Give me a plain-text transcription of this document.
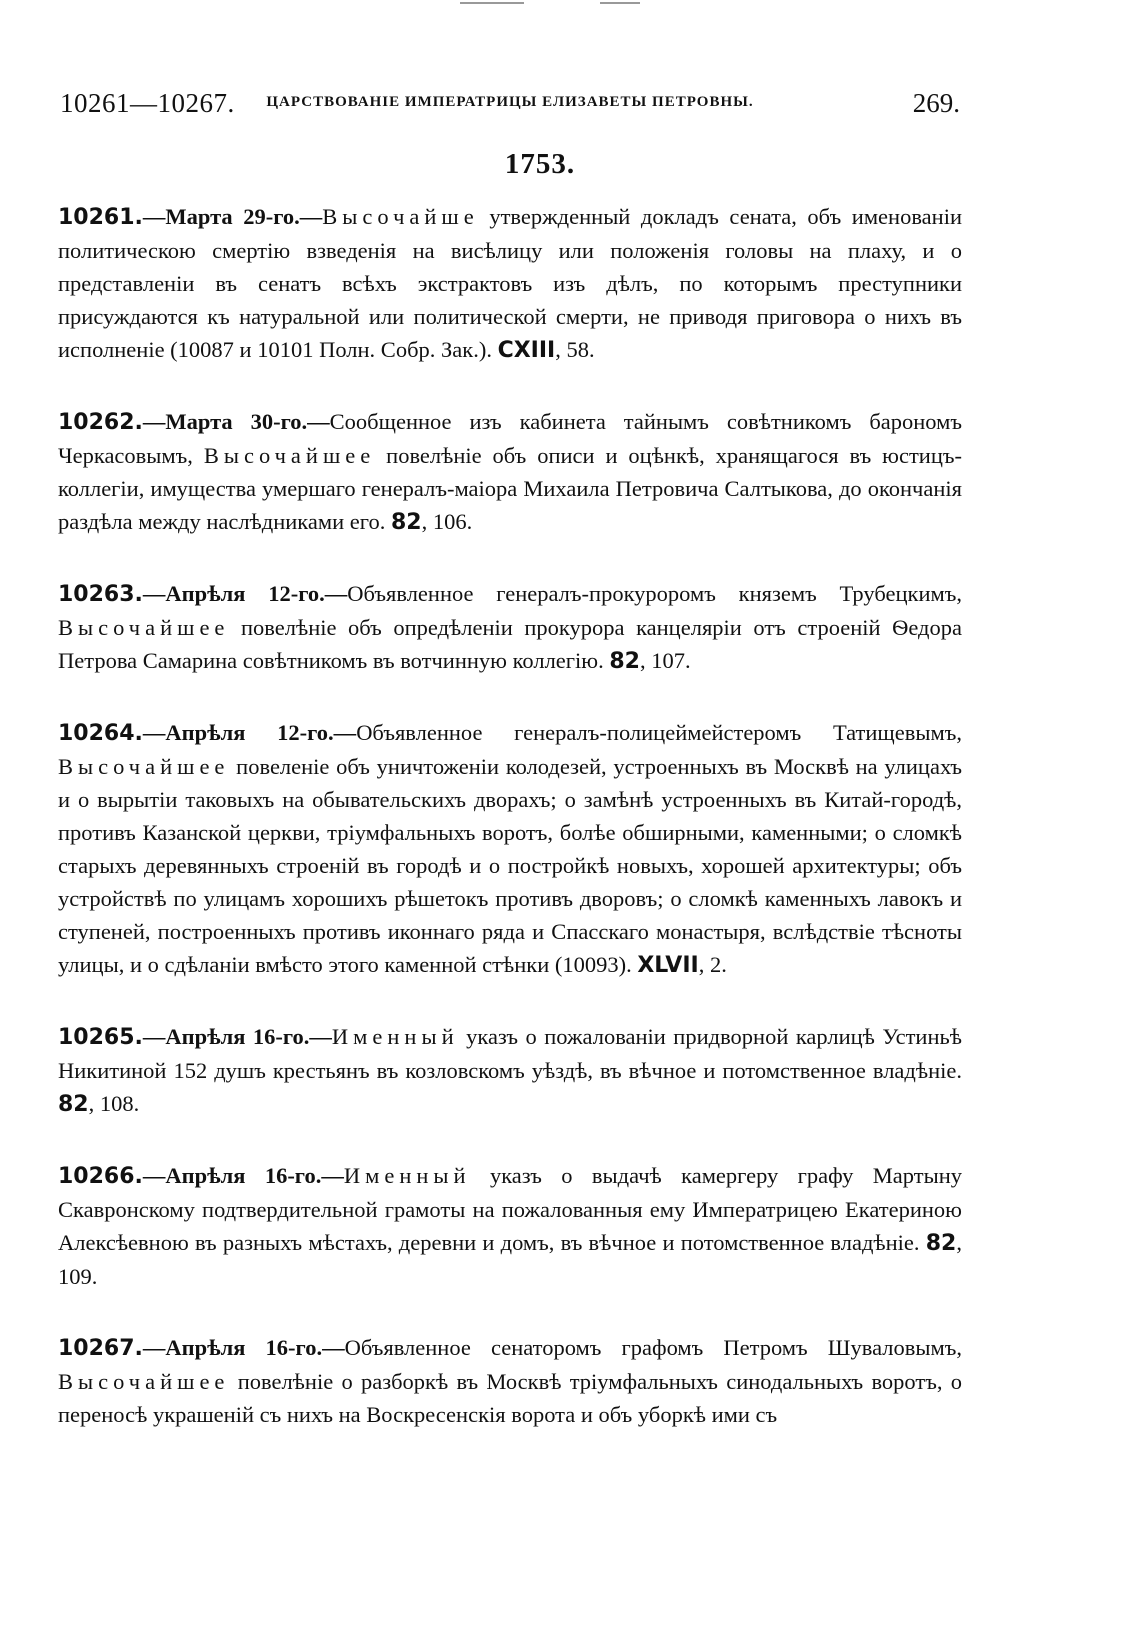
10261—10267.	ЦАРСТВОВАНІЕ ИМПЕРАТРИЦЫ ЕЛИЗАВЕТЫ ПЕТРОВНЫ.	269.
1753.

10261.—Марта 29-го.—Высочайше утвержденный докладъ сената, объ именованіи политическою смертію взведенія на висѣлицу или положенія головы на плаху, и о представленіи въ сенатъ всѣхъ экстрактовъ изъ дѣлъ, по которымъ преступники присуждаются къ натуральной или политической смерти, не приводя приговора о нихъ въ исполненіе (10087 и 10101 Полн. Собр. Зак.). CXIII, 58.

10262.—Марта 30-го.—Сообщенное изъ кабинета тайнымъ совѣтникомъ барономъ Черкасовымъ, Высочайшее повелѣніе объ описи и оцѣнкѣ, хранящагося въ юстицъ-коллегіи, имущества умершаго генералъ-маіора Михаила Петровича Салтыкова, до окончанія раздѣла между наслѣдниками его. 82, 106.

10263.—Апрѣля 12-го.—Объявленное генералъ-прокуроромъ княземъ Трубецкимъ, Высочайшее повелѣніе объ опредѣленіи прокурора канцеляріи отъ строеній Ѳедора Петрова Самарина совѣтникомъ въ вотчинную коллегію. 82, 107.

10264.—Апрѣля 12-го.—Объявленное генералъ-полицеймейстеромъ Татищевымъ, Высочайшее повеленіе объ уничтоженіи колодезей, устроенныхъ въ Москвѣ на улицахъ и о вырытіи таковыхъ на обывательскихъ дворахъ; о замѣнѣ устроенныхъ въ Китай-городѣ, противъ Казанской церкви, тріумфальныхъ воротъ, болѣе обширными, каменными; о сломкѣ старыхъ деревянныхъ строеній въ городѣ и о постройкѣ новыхъ, хорошей архитектуры; объ устройствѣ по улицамъ хорошихъ рѣшетокъ противъ дворовъ; о сломкѣ каменныхъ лавокъ и ступеней, построенныхъ противъ иконнаго ряда и Спасскаго монастыря, вслѣдствіе тѣсноты улицы, и о сдѣланіи вмѣсто этого каменной стѣнки (10093). XLVII, 2.

10265.—Апрѣля 16-го.—Именный указъ о пожалованіи придворной карлицѣ Устиньѣ Никитиной 152 душъ крестьянъ въ козловскомъ уѣздѣ, въ вѣчное и потомственное владѣніе. 82, 108.

10266.—Апрѣля 16-го.—Именный указъ о выдачѣ камергеру графу Мартыну Скавронскому подтвердительной грамоты на пожалованныя ему Императрицею Екатериною Алексѣевною въ разныхъ мѣстахъ, деревни и домъ, въ вѣчное и потомственное владѣніе. 82, 109.

10267.—Апрѣля 16-го.—Объявленное сенаторомъ графомъ Петромъ Шуваловымъ, Высочайшее повелѣніе о разборкѣ въ Москвѣ тріумфальныхъ синодальныхъ воротъ, о переносѣ украшеній съ нихъ на Воскресенскія ворота и объ уборкѣ ими съ
